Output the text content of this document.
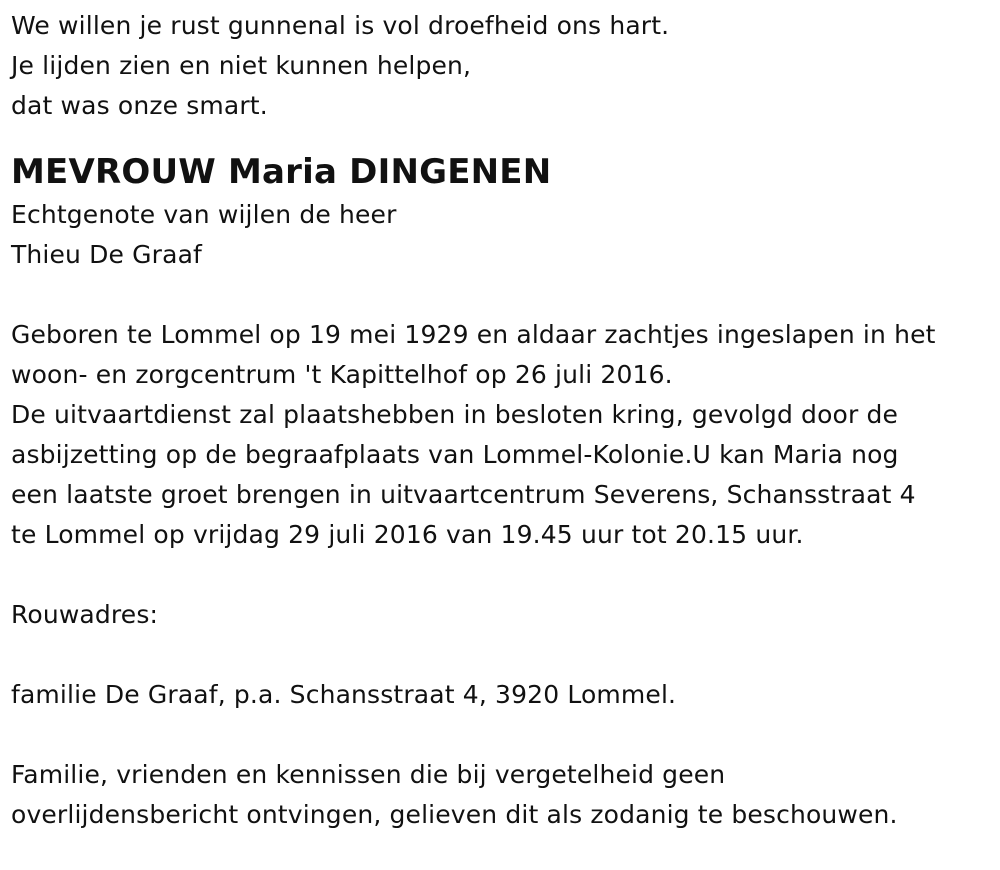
We willen je rust gunnenal is vol droefheid ons hart.
Je lijden zien en niet kunnen helpen,
dat was onze smart.
MEVROUW Maria DINGENEN
Echtgenote van wijlen de heer
Thieu De Graaf
Geboren te Lommel op 19 mei 1929 en aldaar zachtjes ingeslapen in het
woon- en zorgcentrum 't Kapittelhof op 26 juli 2016.
De uitvaartdienst zal plaatshebben in besloten kring, gevolgd door de
asbijzetting op de begraafplaats van Lommel-Kolonie.U kan Maria nog
een laatste groet brengen in uitvaartcentrum Severens, Schansstraat 4
te Lommel op vrijdag 29 juli 2016 van 19.45 uur tot 20.15 uur.
Rouwadres:
familie De Graaf, p.a. Schansstraat 4, 3920 Lommel.
Familie, vrienden en kennissen die bij vergetelheid geen
overlijdensbericht ontvingen, gelieven dit als zodanig te beschouwen.
